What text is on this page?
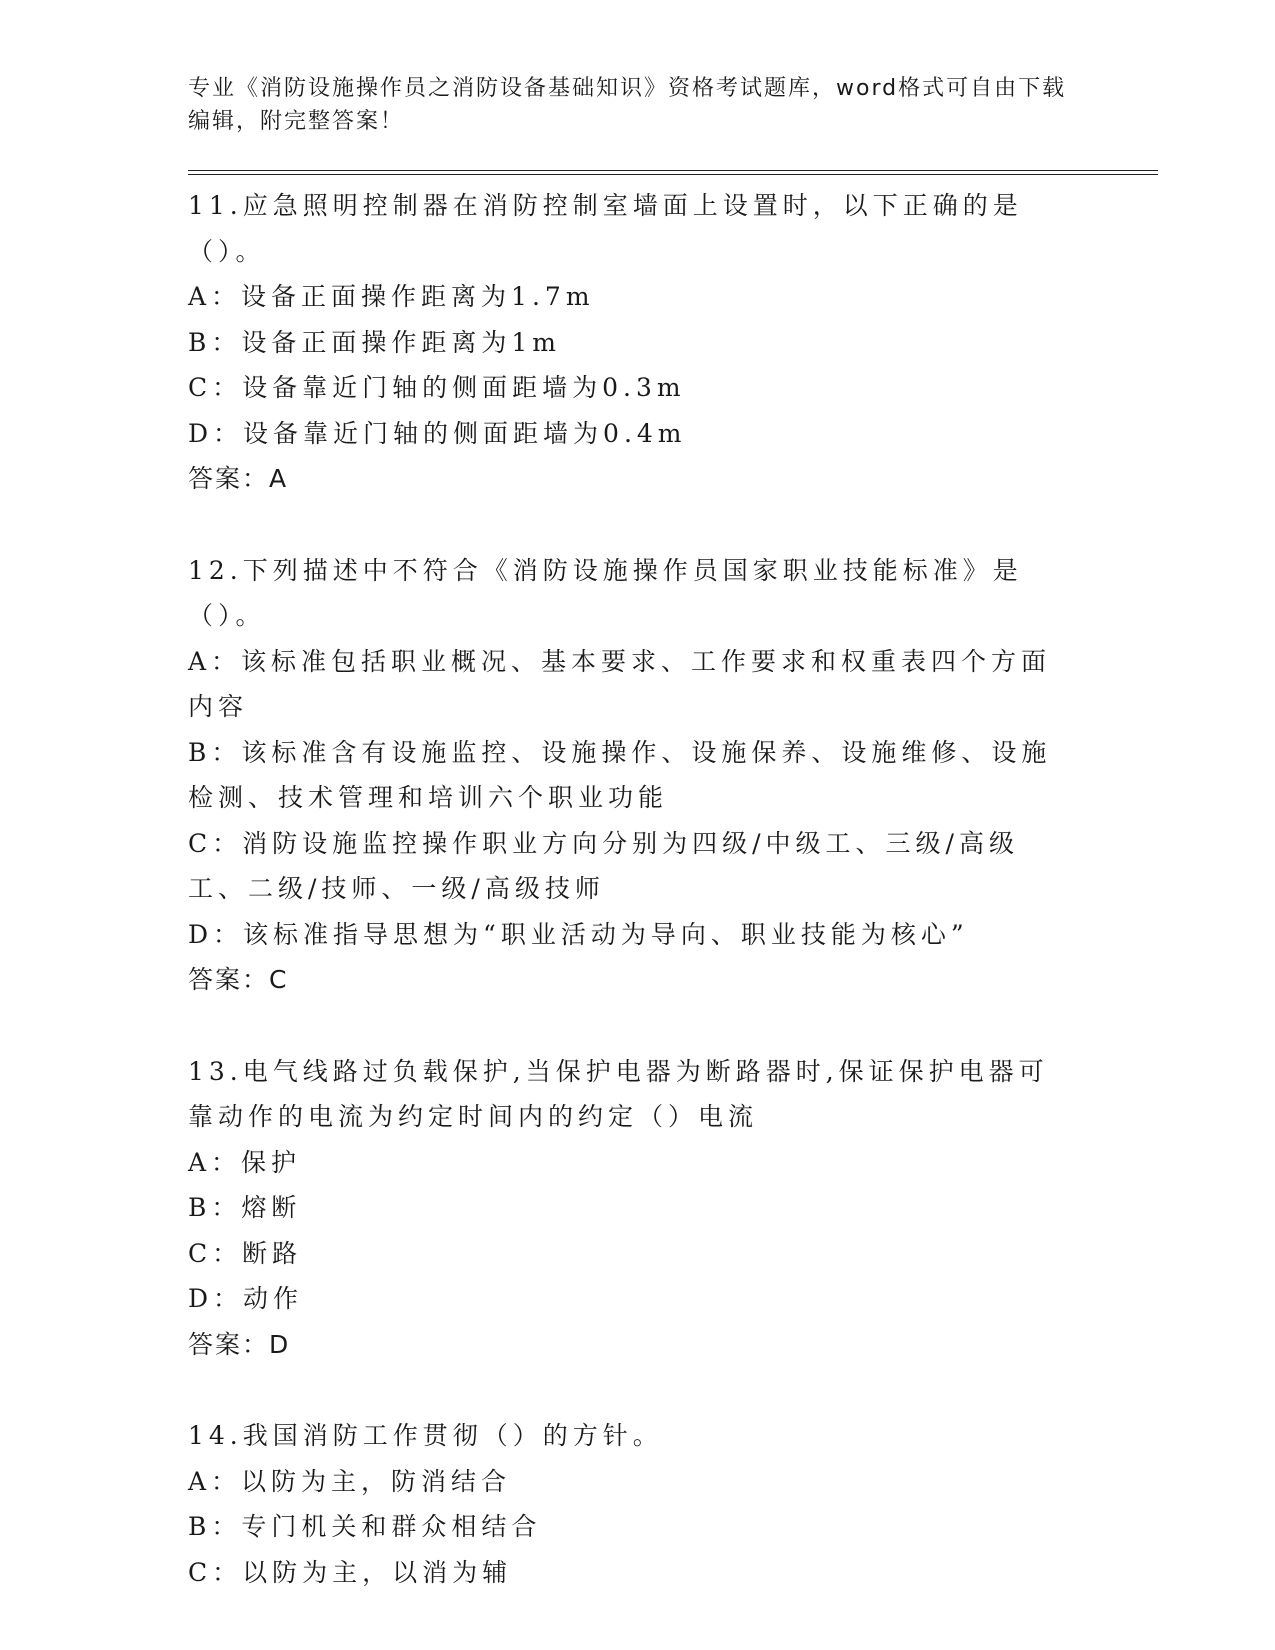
专业《消防设施操作员之消防设备基础知识》资格考试题库，word格式可自由下载编辑，附完整答案！

11.应急照明控制器在消防控制室墙面上设置时，以下正确的是（）。

A：设备正面操作距离为1.7m

B：设备正面操作距离为1m

C：设备靠近门轴的侧面距墙为0.3m

D：设备靠近门轴的侧面距墙为0.4m

答案：A

12.下列描述中不符合《消防设施操作员国家职业技能标准》是（）。

A：该标准包括职业概况、基本要求、工作要求和权重表四个方面内容

B：该标准含有设施监控、设施操作、设施保养、设施维修、设施检测、技术管理和培训六个职业功能

C：消防设施监控操作职业方向分别为四级/中级工、三级/高级工、二级/技师、一级/高级技师

D：该标准指导思想为“职业活动为导向、职业技能为核心”

答案：C

13.电气线路过负载保护,当保护电器为断路器时,保证保护电器可靠动作的电流为约定时间内的约定（）电流

A：保护

B：熔断

C：断路

D：动作

答案：D

14.我国消防工作贯彻（）的方针。

A：以防为主，防消结合

B：专门机关和群众相结合

C：以防为主，以消为辅
